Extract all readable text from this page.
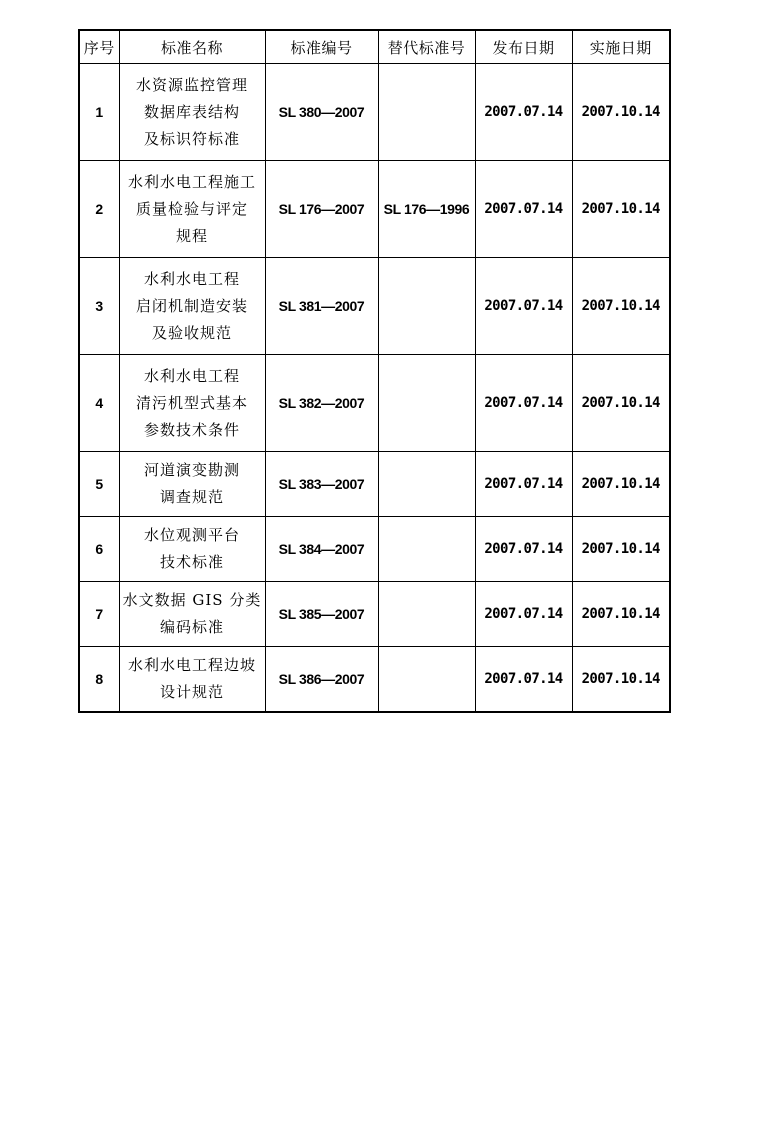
序号	标准名称	标准编号	替代标准号	发布日期	实施日期
1	水资源监控管理
数据库表结构
及标识符标准	SL 380—2007		2007.07.14	2007.10.14
2	水利水电工程施工
质量检验与评定
规程	SL 176—2007	SL 176—1996	2007.07.14	2007.10.14
3	水利水电工程
启闭机制造安装
及验收规范	SL 381—2007		2007.07.14	2007.10.14
4	水利水电工程
清污机型式基本
参数技术条件	SL 382—2007		2007.07.14	2007.10.14
5	河道演变勘测
调查规范	SL 383—2007		2007.07.14	2007.10.14
6	水位观测平台
技术标准	SL 384—2007		2007.07.14	2007.10.14
7	水文数据 GIS 分类
编码标准	SL 385—2007		2007.07.14	2007.10.14
8	水利水电工程边坡
设计规范	SL 386—2007		2007.07.14	2007.10.14
